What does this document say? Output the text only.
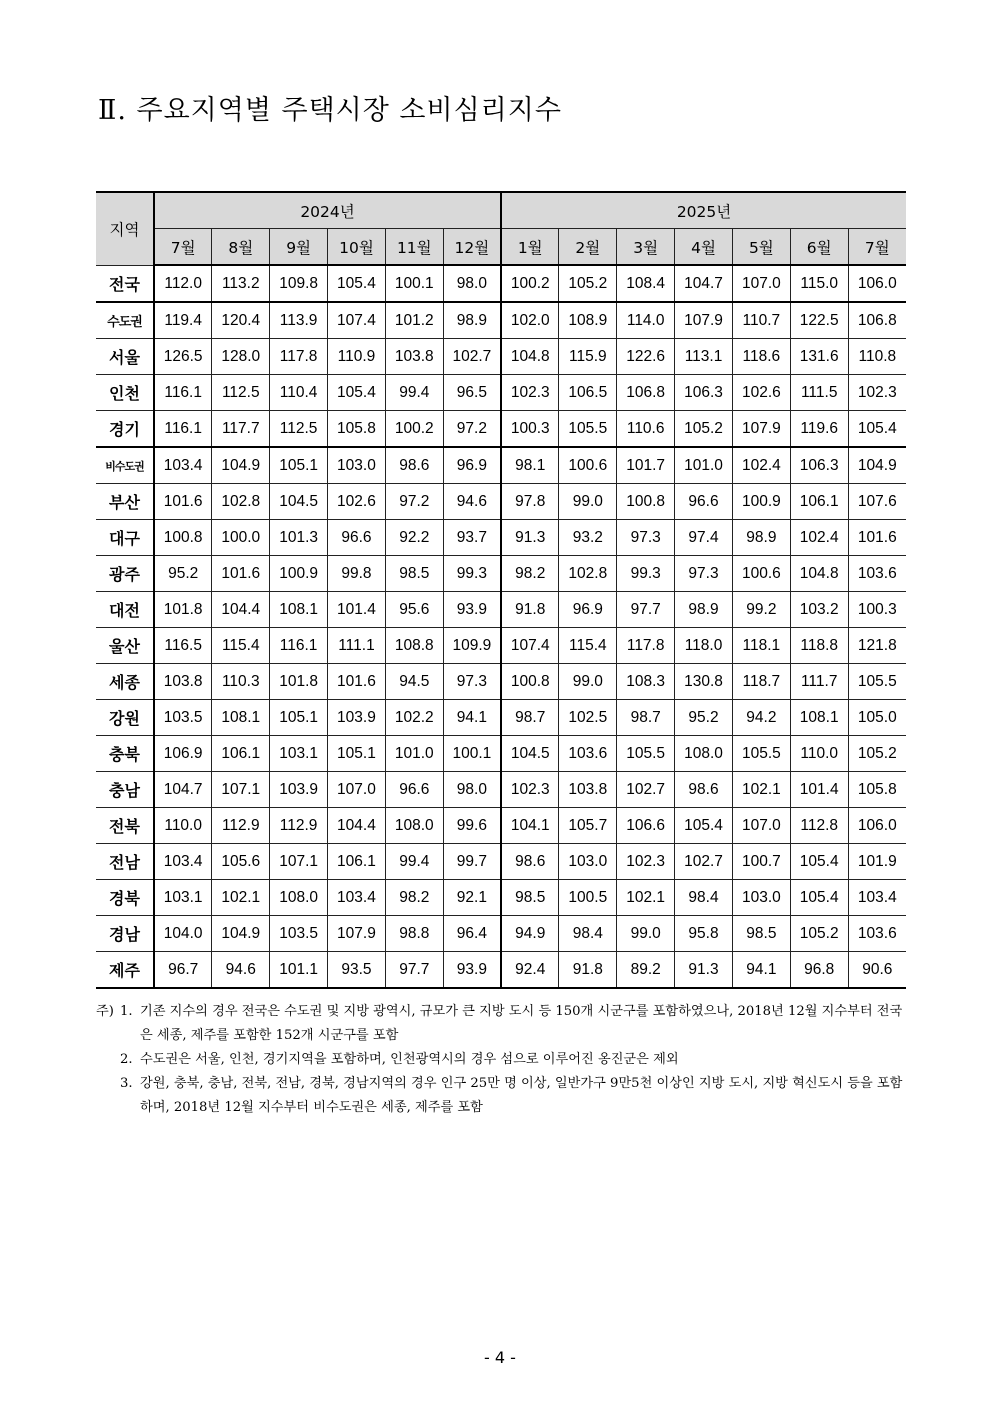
Ⅱ. 주요지역별 주택시장 소비심리지수
지역	2024년						2025년						
	7월	8월	9월	10월	11월	12월	1월	2월	3월	4월	5월	6월	7월
전국	112.0	113.2	109.8	105.4	100.1	98.0	100.2	105.2	108.4	104.7	107.0	115.0	106.0
수도권	119.4	120.4	113.9	107.4	101.2	98.9	102.0	108.9	114.0	107.9	110.7	122.5	106.8
서울	126.5	128.0	117.8	110.9	103.8	102.7	104.8	115.9	122.6	113.1	118.6	131.6	110.8
인천	116.1	112.5	110.4	105.4	99.4	96.5	102.3	106.5	106.8	106.3	102.6	111.5	102.3
경기	116.1	117.7	112.5	105.8	100.2	97.2	100.3	105.5	110.6	105.2	107.9	119.6	105.4
비수도권	103.4	104.9	105.1	103.0	98.6	96.9	98.1	100.6	101.7	101.0	102.4	106.3	104.9
부산	101.6	102.8	104.5	102.6	97.2	94.6	97.8	99.0	100.8	96.6	100.9	106.1	107.6
대구	100.8	100.0	101.3	96.6	92.2	93.7	91.3	93.2	97.3	97.4	98.9	102.4	101.6
광주	95.2	101.6	100.9	99.8	98.5	99.3	98.2	102.8	99.3	97.3	100.6	104.8	103.6
대전	101.8	104.4	108.1	101.4	95.6	93.9	91.8	96.9	97.7	98.9	99.2	103.2	100.3
울산	116.5	115.4	116.1	111.1	108.8	109.9	107.4	115.4	117.8	118.0	118.1	118.8	121.8
세종	103.8	110.3	101.8	101.6	94.5	97.3	100.8	99.0	108.3	130.8	118.7	111.7	105.5
강원	103.5	108.1	105.1	103.9	102.2	94.1	98.7	102.5	98.7	95.2	94.2	108.1	105.0
충북	106.9	106.1	103.1	105.1	101.0	100.1	104.5	103.6	105.5	108.0	105.5	110.0	105.2
충남	104.7	107.1	103.9	107.0	96.6	98.0	102.3	103.8	102.7	98.6	102.1	101.4	105.8
전북	110.0	112.9	112.9	104.4	108.0	99.6	104.1	105.7	106.6	105.4	107.0	112.8	106.0
전남	103.4	105.6	107.1	106.1	99.4	99.7	98.6	103.0	102.3	102.7	100.7	105.4	101.9
경북	103.1	102.1	108.0	103.4	98.2	92.1	98.5	100.5	102.1	98.4	103.0	105.4	103.4
경남	104.0	104.9	103.5	107.9	98.8	96.4	94.9	98.4	99.0	95.8	98.5	105.2	103.6
제주	96.7	94.6	101.1	93.5	97.7	93.9	92.4	91.8	89.2	91.3	94.1	96.8	90.6
주) 1. 기존 지수의 경우 전국은 수도권 및 지방 광역시, 규모가 큰 지방 도시 등 150개 시군구를 포함하였으나, 2018년 12월 지수부터 전국은 세종, 제주를 포함한 152개 시군구를 포함
2. 수도권은 서울, 인천, 경기지역을 포함하며, 인천광역시의 경우 섬으로 이루어진 옹진군은 제외
3. 강원, 충북, 충남, 전북, 전남, 경북, 경남지역의 경우 인구 25만 명 이상, 일반가구 9만5천 이상인 지방 도시, 지방 혁신도시 등을 포함하며, 2018년 12월 지수부터 비수도권은 세종, 제주를 포함
- 4 -
